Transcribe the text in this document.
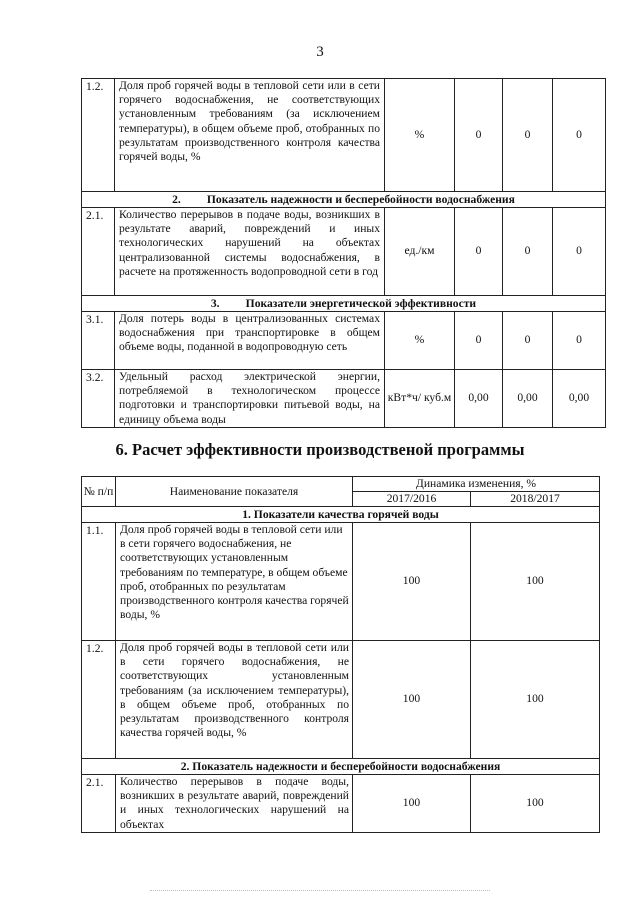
3
1.2.	Доля проб горячей воды в тепловой сети или в сети горячего водоснабжения, не соответствующих установленным требованиям (за исключением температуры), в общем объеме проб, отобранных по результатам производственного контроля качества горячей воды, %	%	0	0	0
2. Показатель надежности и бесперебойности водоснабжения					
2.1.	Количество перерывов в подаче воды, возникших в результате аварий, повреждений и иных технологических нарушений на объектах централизованной системы водоснабжения, в расчете на протяженность водопроводной сети в год	ед./км	0	0	0
3. Показатели энергетической эффективности					
3.1.	Доля потерь воды в централизованных системах водоснабжения при транспортировке в общем объеме воды, поданной в водопроводную сеть	%	0	0	0
3.2.	Удельный расход электрической энергии, потребляемой в технологическом процессе подготовки и транспортировки питьевой воды, на единицу объема воды	кВт*ч/ куб.м	0,00	0,00	0,00
6. Расчет эффективности производственой программы
№ п/п	Наименование показателя	Динамика изменения, %	
		2017/2016	2018/2017
1. Показатели качества горячей воды			
1.1.	Доля проб горячей воды в тепловой сети или в сети горячего водоснабжения, не соответствующих установленным требованиям по температуре, в общем объеме проб, отобранных по результатам производственного контроля качества горячей воды, %	100	100
1.2.	Доля проб горячей воды в тепловой сети или в сети горячего водоснабжения, не соответствующих установленным требованиям (за исключением температуры), в общем объеме проб, отобранных по результатам производственного контроля качества горячей воды, %	100	100
2. Показатель надежности и бесперебойности водоснабжения			
2.1.	Количество перерывов в подаче воды, возникших в результате аварий, повреждений и иных технологических нарушений на объектах	100	100
